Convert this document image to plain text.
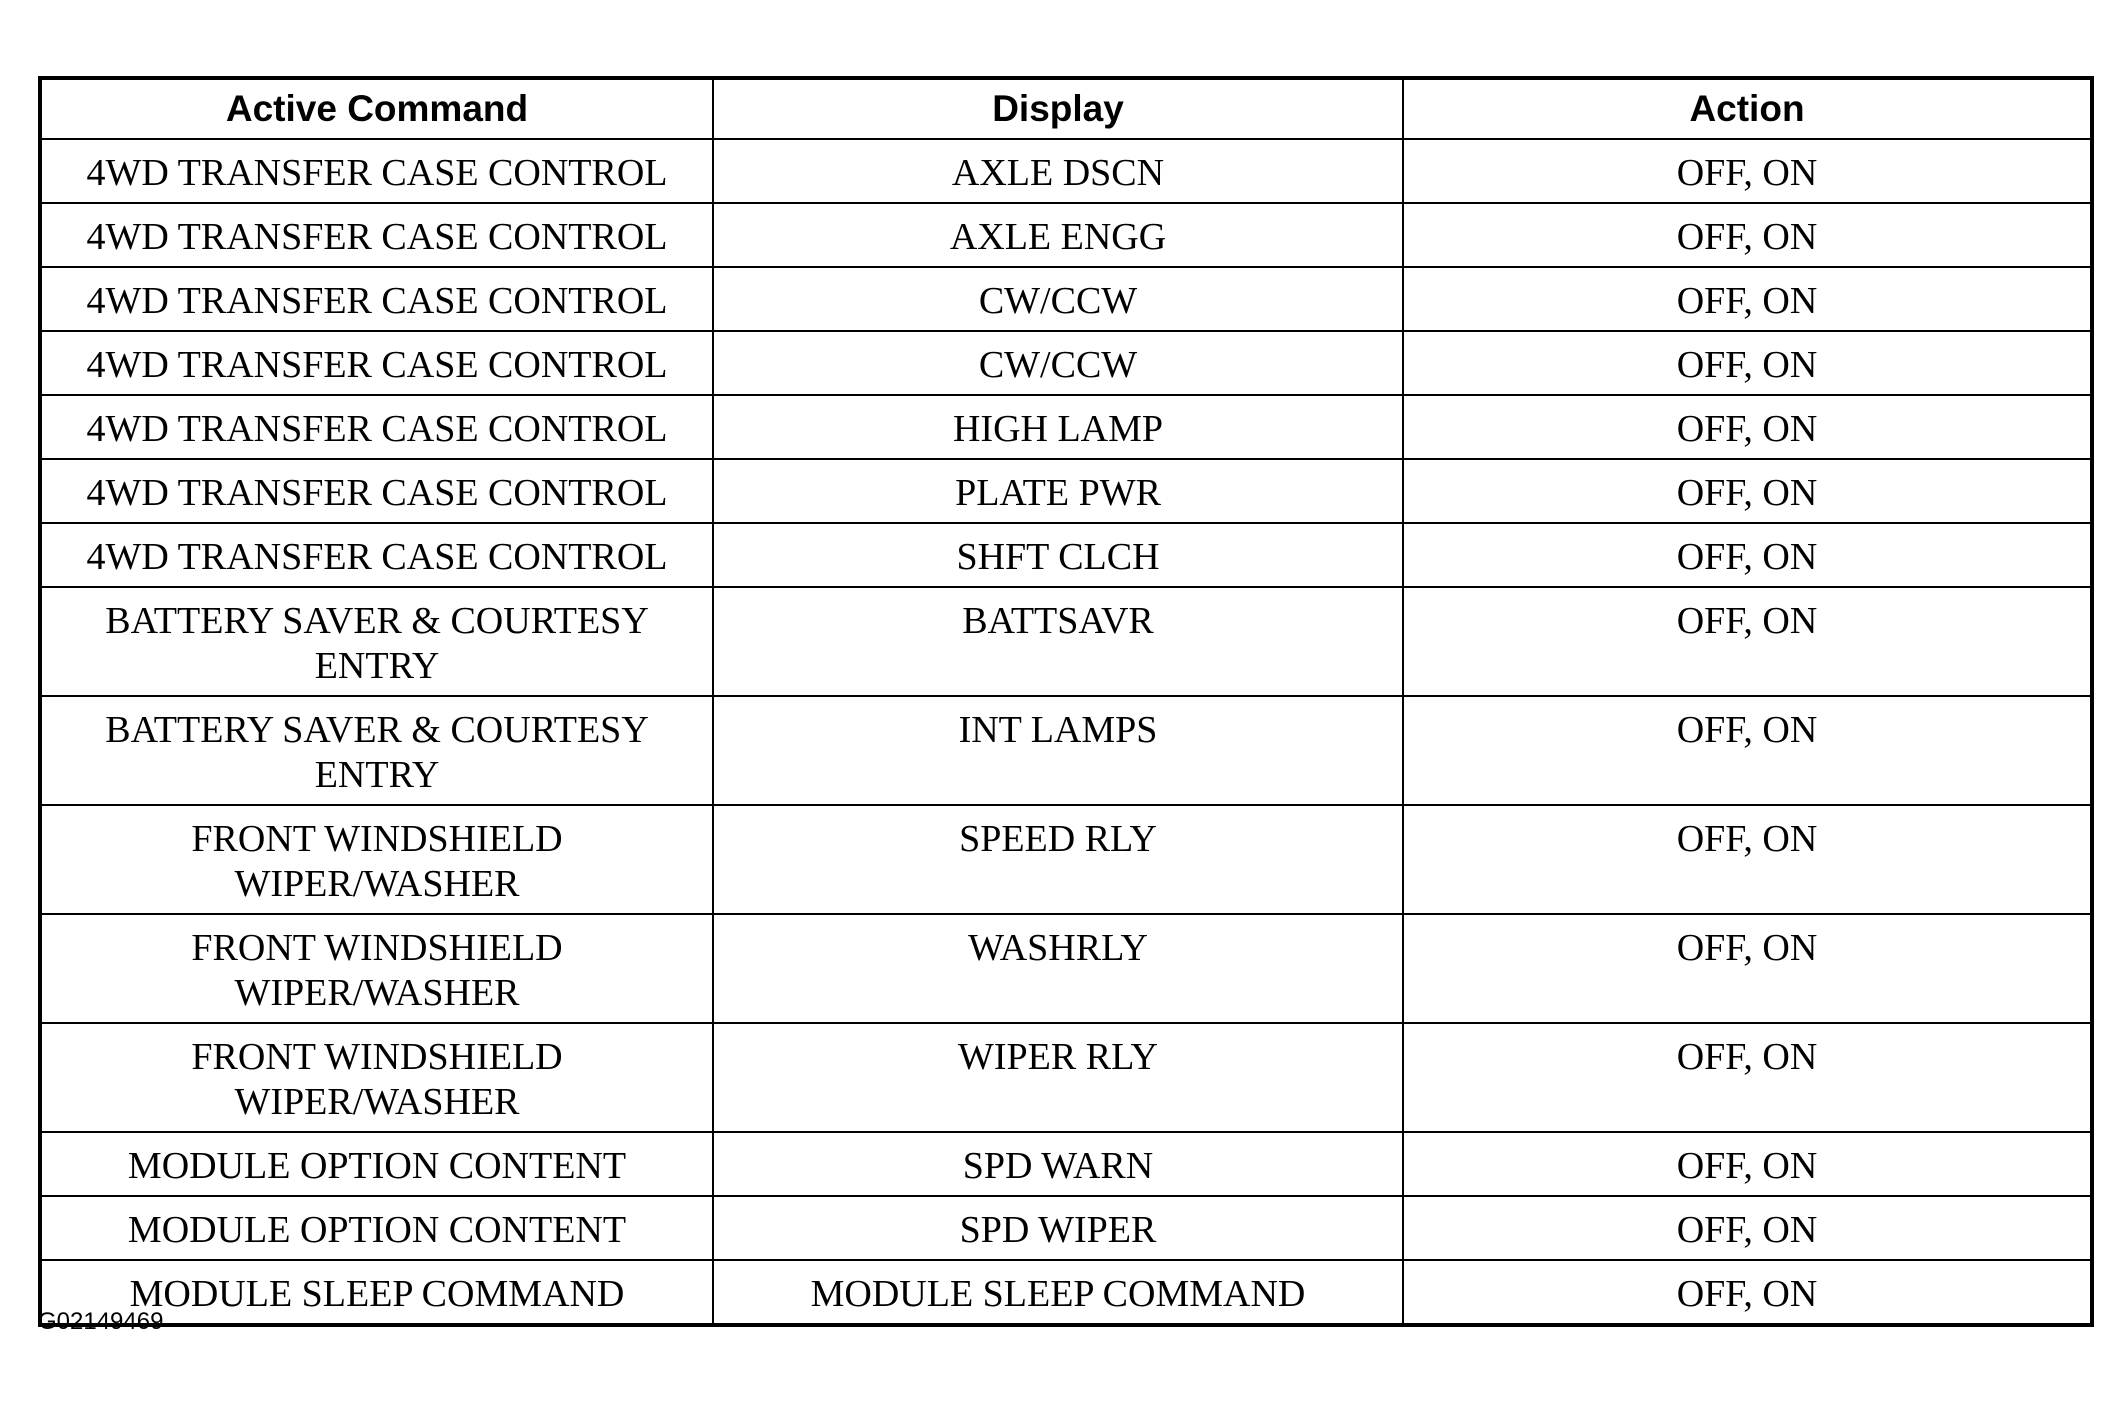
Active Command	Display	Action
4WD TRANSFER CASE CONTROL	AXLE DSCN	OFF, ON
4WD TRANSFER CASE CONTROL	AXLE ENGG	OFF, ON
4WD TRANSFER CASE CONTROL	CW/CCW	OFF, ON
4WD TRANSFER CASE CONTROL	CW/CCW	OFF, ON
4WD TRANSFER CASE CONTROL	HIGH LAMP	OFF, ON
4WD TRANSFER CASE CONTROL	PLATE PWR	OFF, ON
4WD TRANSFER CASE CONTROL	SHFT CLCH	OFF, ON
BATTERY SAVER & COURTESY ENTRY	BATTSAVR	OFF, ON
BATTERY SAVER & COURTESY ENTRY	INT LAMPS	OFF, ON
FRONT WINDSHIELD WIPER/WASHER	SPEED RLY	OFF, ON
FRONT WINDSHIELD WIPER/WASHER	WASHRLY	OFF, ON
FRONT WINDSHIELD WIPER/WASHER	WIPER RLY	OFF, ON
MODULE OPTION CONTENT	SPD WARN	OFF, ON
MODULE OPTION CONTENT	SPD WIPER	OFF, ON
MODULE SLEEP COMMAND	MODULE SLEEP COMMAND	OFF, ON
G02149469
